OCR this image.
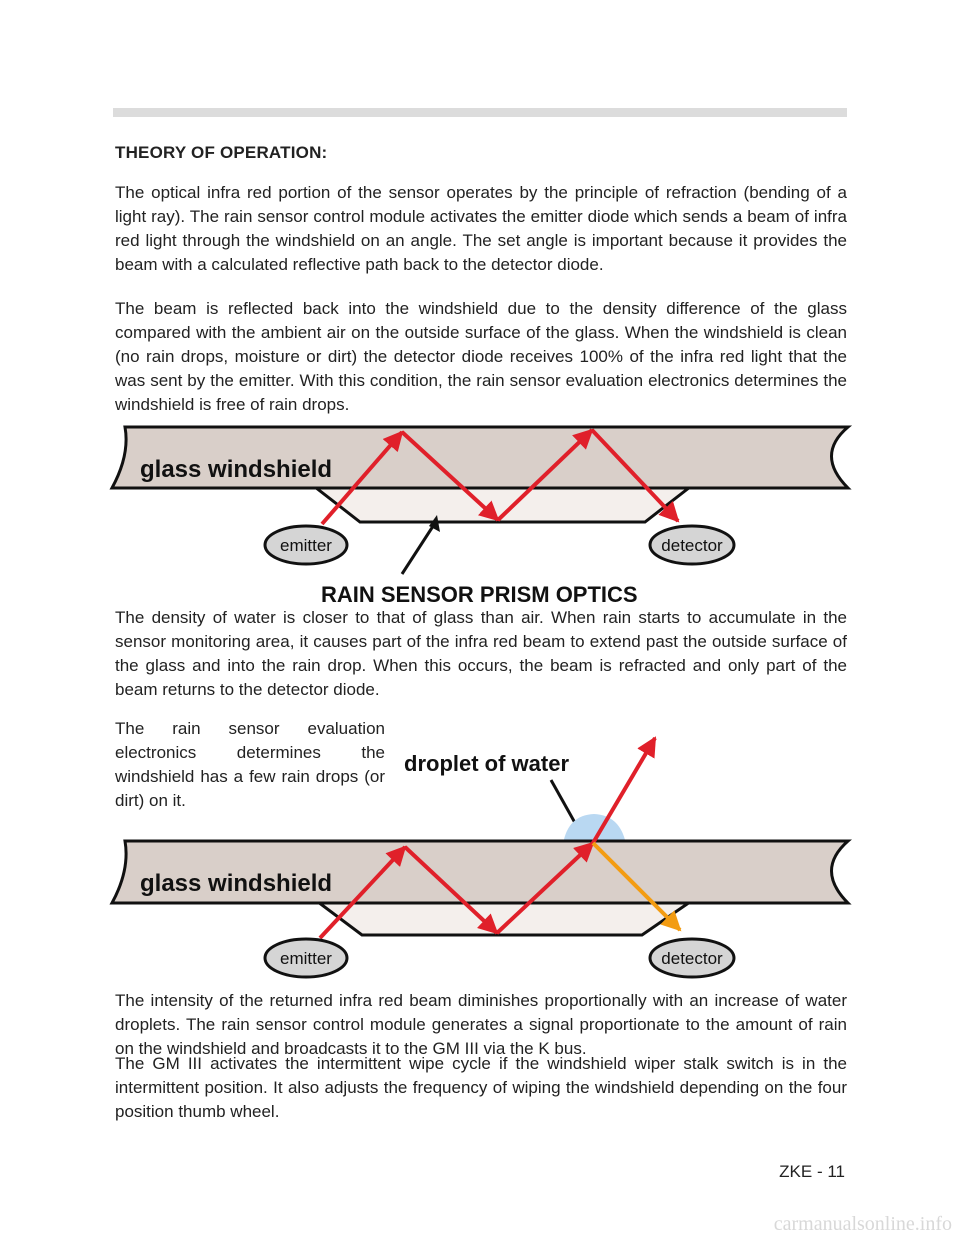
THEORY OF OPERATION:

The optical infra red portion of the sensor operates by the principle of refraction (bending of a light ray). The rain sensor control module activates the emitter diode which sends a beam of infra red light through the windshield on an angle. The set angle is important because it provides the beam with a calculated reflective path back to the detector diode.

The beam is reflected back into the windshield due to the density difference of the glass compared with the ambient air on the outside surface of the glass. When the windshield is clean (no rain drops, moisture or dirt) the detector diode receives 100% of the infra red light that the was sent by the emitter. With this condition, the rain sensor evaluation electronics determines the windshield is free of rain drops.

glass windshield
emitter	detector
RAIN SENSOR PRISM OPTICS

The density of water is closer to that of glass than air. When rain starts to accumulate in the sensor monitoring area, it causes part of the infra red beam to extend past the outside surface of the glass and into the rain drop. When this occurs, the beam is refracted and only part of the beam returns to the detector diode.

The rain sensor evaluation electronics determines the windshield has a few rain drops (or dirt) on it.

droplet of water
glass windshield
emitter	detector

The intensity of the returned infra red beam diminishes proportionally with an increase of water droplets. The rain sensor control module generates a signal proportionate to the amount of rain on the windshield and broadcasts it to the GM III via the K bus.

The GM III activates the intermittent wipe cycle if the windshield wiper stalk switch is in the intermittent position. It also adjusts the frequency of wiping the windshield depending on the four position thumb wheel.

ZKE - 11
carmanualsonline.info
